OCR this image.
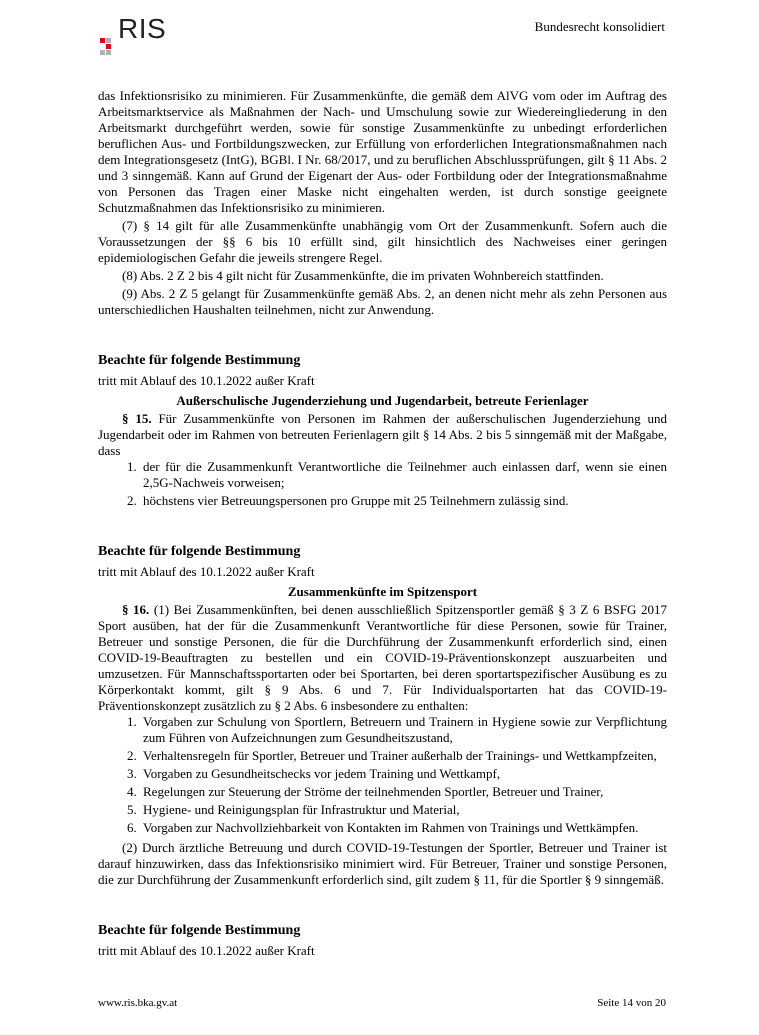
RIS	Bundesrecht konsolidiert

das Infektionsrisiko zu minimieren. Für Zusammenkünfte, die gemäß dem AlVG vom oder im Auftrag des Arbeitsmarktservice als Maßnahmen der Nach- und Umschulung sowie zur Wiedereingliederung in den Arbeitsmarkt durchgeführt werden, sowie für sonstige Zusammenkünfte zu unbedingt erforderlichen beruflichen Aus- und Fortbildungszwecken, zur Erfüllung von erforderlichen Integrationsmaßnahmen nach dem Integrationsgesetz (IntG), BGBl. I Nr. 68/2017, und zu beruflichen Abschlussprüfungen, gilt § 11 Abs. 2 und 3 sinngemäß. Kann auf Grund der Eigenart der Aus- oder Fortbildung oder der Integrationsmaßnahme von Personen das Tragen einer Maske nicht eingehalten werden, ist durch sonstige geeignete Schutzmaßnahmen das Infektionsrisiko zu minimieren.

(7) § 14 gilt für alle Zusammenkünfte unabhängig vom Ort der Zusammenkunft. Sofern auch die Voraussetzungen der §§ 6 bis 10 erfüllt sind, gilt hinsichtlich des Nachweises einer geringen epidemiologischen Gefahr die jeweils strengere Regel.

(8) Abs. 2 Z 2 bis 4 gilt nicht für Zusammenkünfte, die im privaten Wohnbereich stattfinden.

(9) Abs. 2 Z 5 gelangt für Zusammenkünfte gemäß Abs. 2, an denen nicht mehr als zehn Personen aus unterschiedlichen Haushalten teilnehmen, nicht zur Anwendung.

Beachte für folgende Bestimmung

tritt mit Ablauf des 10.1.2022 außer Kraft

Außerschulische Jugenderziehung und Jugendarbeit, betreute Ferienlager

§ 15. Für Zusammenkünfte von Personen im Rahmen der außerschulischen Jugenderziehung und Jugendarbeit oder im Rahmen von betreuten Ferienlagern gilt § 14 Abs. 2 bis 5 sinngemäß mit der Maßgabe, dass

1. der für die Zusammenkunft Verantwortliche die Teilnehmer auch einlassen darf, wenn sie einen 2,5G-Nachweis vorweisen;
2. höchstens vier Betreuungspersonen pro Gruppe mit 25 Teilnehmern zulässig sind.

Beachte für folgende Bestimmung

tritt mit Ablauf des 10.1.2022 außer Kraft

Zusammenkünfte im Spitzensport

§ 16. (1) Bei Zusammenkünften, bei denen ausschließlich Spitzensportler gemäß § 3 Z 6 BSFG 2017 Sport ausüben, hat der für die Zusammenkunft Verantwortliche für diese Personen, sowie für Trainer, Betreuer und sonstige Personen, die für die Durchführung der Zusammenkunft erforderlich sind, einen COVID-19-Beauftragten zu bestellen und ein COVID-19-Präventionskonzept auszuarbeiten und umzusetzen. Für Mannschaftssportarten oder bei Sportarten, bei deren sportartspezifischer Ausübung es zu Körperkontakt kommt, gilt § 9 Abs. 6 und 7. Für Individualsportarten hat das COVID-19-Präventionskonzept zusätzlich zu § 2 Abs. 6 insbesondere zu enthalten:

1. Vorgaben zur Schulung von Sportlern, Betreuern und Trainern in Hygiene sowie zur Verpflichtung zum Führen von Aufzeichnungen zum Gesundheitszustand,
2. Verhaltensregeln für Sportler, Betreuer und Trainer außerhalb der Trainings- und Wettkampfzeiten,
3. Vorgaben zu Gesundheitschecks vor jedem Training und Wettkampf,
4. Regelungen zur Steuerung der Ströme der teilnehmenden Sportler, Betreuer und Trainer,
5. Hygiene- und Reinigungsplan für Infrastruktur und Material,
6. Vorgaben zur Nachvollziehbarkeit von Kontakten im Rahmen von Trainings und Wettkämpfen.

(2) Durch ärztliche Betreuung und durch COVID-19-Testungen der Sportler, Betreuer und Trainer ist darauf hinzuwirken, dass das Infektionsrisiko minimiert wird. Für Betreuer, Trainer und sonstige Personen, die zur Durchführung der Zusammenkunft erforderlich sind, gilt zudem § 11, für die Sportler § 9 sinngemäß.

Beachte für folgende Bestimmung

tritt mit Ablauf des 10.1.2022 außer Kraft

www.ris.bka.gv.at	Seite 14 von 20
